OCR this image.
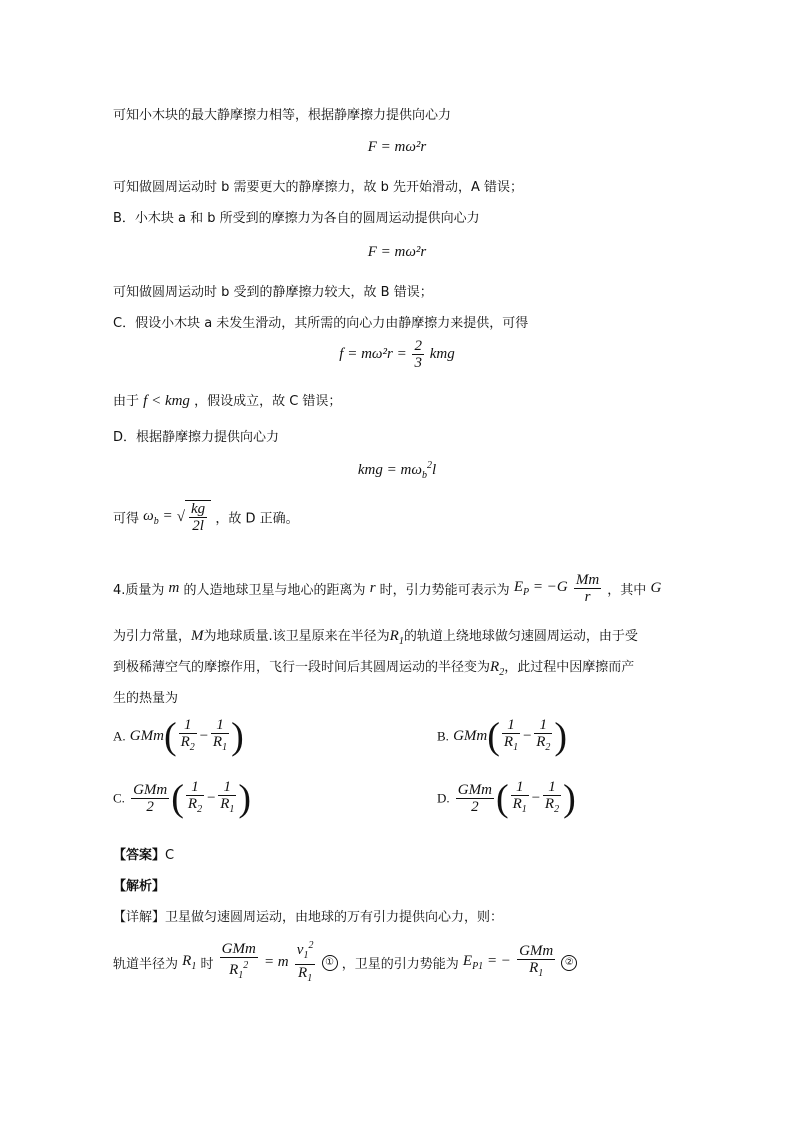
可知小木块的最大静摩擦力相等，根据静摩擦力提供向心力
F = mω²r
可知做圆周运动时 b 需要更大的静摩擦力，故 b 先开始滑动，A 错误；
B．小木块 a 和 b 所受到的摩擦力为各自的圆周运动提供向心力
F = mω²r
可知做圆周运动时 b 受到的静摩擦力较大，故 B 错误；
C．假设小木块 a 未发生滑动，其所需的向心力由静摩擦力来提供，可得
$f = m\omega^2r = \frac{2}{3}$ kmg
由于 f < kmg ，假设成立，故 C 错误；
D．根据静摩擦力提供向心力
kmg = $m\omega_b^2l$
可得 $\omega_b$ = √ $\frac{kg}{2l}$ ，故 D 正确。
4.质量为 m 的人造地球卫星与地心的距离为 r 时，引力势能可表示为 $E_P = -G \frac{Mm}{r}$ ，其中 G
为引力常量，M为地球质量.该卫星原来在半径为$R_1$的轨道上绕地球做匀速圆周运动，由于受
到极稀薄空气的摩擦作用，飞行一段时间后其圆周运动的半径变为$R_2$，此过程中因摩擦而产
生的热量为
A. $GMm( \frac{1}{R_2} - \frac{1}{R_1}$ )	B. $GMm( \frac{1}{R_1} - \frac{1}{R_2}$ )
C. $\frac{\text{GMm}}{2}$ ( $\frac{1}{R_2} - \frac{1}{R_1}$ )	D. $\frac{\text{GMm}}{2}$ ( $\frac{1}{R_1} - \frac{1}{R_2}$ )
【答案】C
【解析】
【详解】卫星做匀速圆周运动，由地球的万有引力提供向心力，则：
轨道半径为 $R_1$ 时 $\frac{\text{GMm}}{R_1^2} = m \frac{v_1^2}{R_1}$ ① ，卫星的引力势能为 $E_{P1}$ = − $\frac{\text{GMm}}{R_1}$ ②
